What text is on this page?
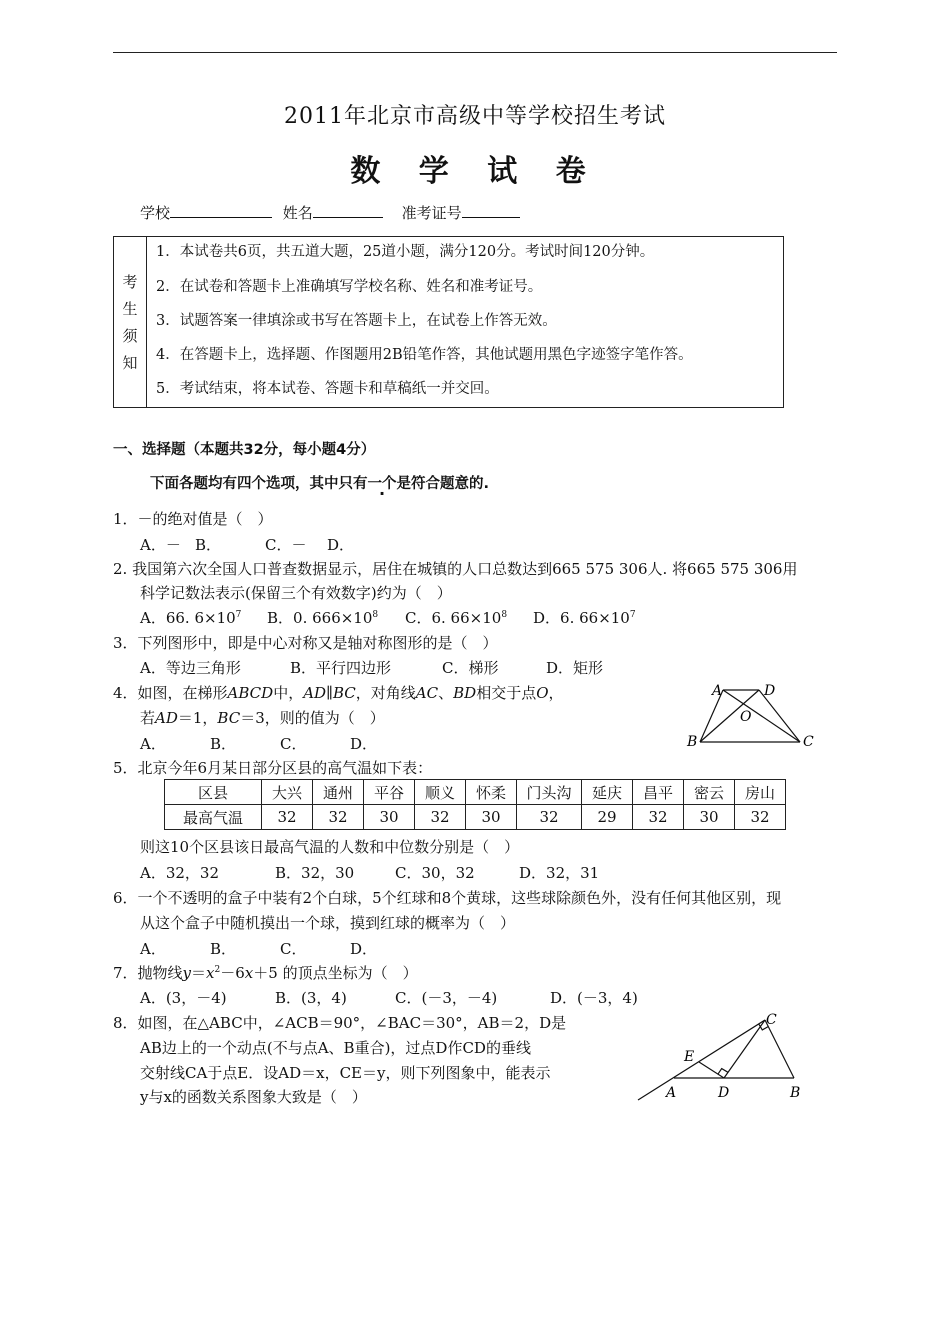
2011年北京市高级中等学校招生考试
数 学 试 卷
学校	姓名	准考证号
考
生
须
知
1．本试卷共6页，共五道大题，25道小题，满分120分。考试时间120分钟。
2．在试卷和答题卡上准确填写学校名称、姓名和准考证号。
3．试题答案一律填涂或书写在答题卡上，在试卷上作答无效。
4．在答题卡上，选择题、作图题用2B铅笔作答，其他试题用黑色字迹签字笔作答。
5．考试结束，将本试卷、答题卡和草稿纸一并交回。
一、选择题（本题共32分，每小题4分）
下面各题均有四个选项，其中只有一个是符合题意的.
1．－的绝对值是（　）
A．－ B．	C．－ D．
2. 我国第六次全国人口普查数据显示，居住在城镇的人口总数达到665 575 306人. 将665 575 306用
科学记数法表示(保留三个有效数字)约为（　）
A．66. $6\times 10^7$ B．0. $666\times 10^8$ C．6. $66\times 10^8$ D．6. $66\times 10^7$
3．下列图形中，即是中心对称又是轴对称图形的是（　）
A．等边三角形	B．平行四边形	C．梯形	D．矩形
4．如图，在梯形ABCD中，AD∥BC，对角线AC、BD相交于点O，
若AD＝1，BC＝3，则的值为（　）
A．	B．	C．	D．
A	D
O
B	C
5．北京今年6月某日部分区县的高气温如下表：
区县	大兴	通州	平谷	顺义	怀柔	门头沟	延庆	昌平	密云	房山
最高气温	32	32	30	32	30	32	29	32	30	32
则这10个区县该日最高气温的人数和中位数分别是（　）
A．32，32	B．32，30	C．30，32	D．32，31
6．一个不透明的盒子中装有2个白球，5个红球和8个黄球，这些球除颜色外，没有任何其他区别，现
从这个盒子中随机摸出一个球，摸到红球的概率为（　）
A．	B．	C．	D．
7．抛物线$y=x^2-6x+5$ 的顶点坐标为（　）
A．(3，－4)	B．(3，4)	C．(－3，－4)	D．(－3，4)
8．如图，在△ABC中，∠ACB＝90°，∠BAC＝30°，AB＝2，D是
AB边上的一个动点(不与点A、B重合)，过点D作CD的垂线
交射线CA于点E．设AD＝x，CE＝y，则下列图象中，能表示
y与x的函数关系图象大致是（　）
C
E
A	D	B
